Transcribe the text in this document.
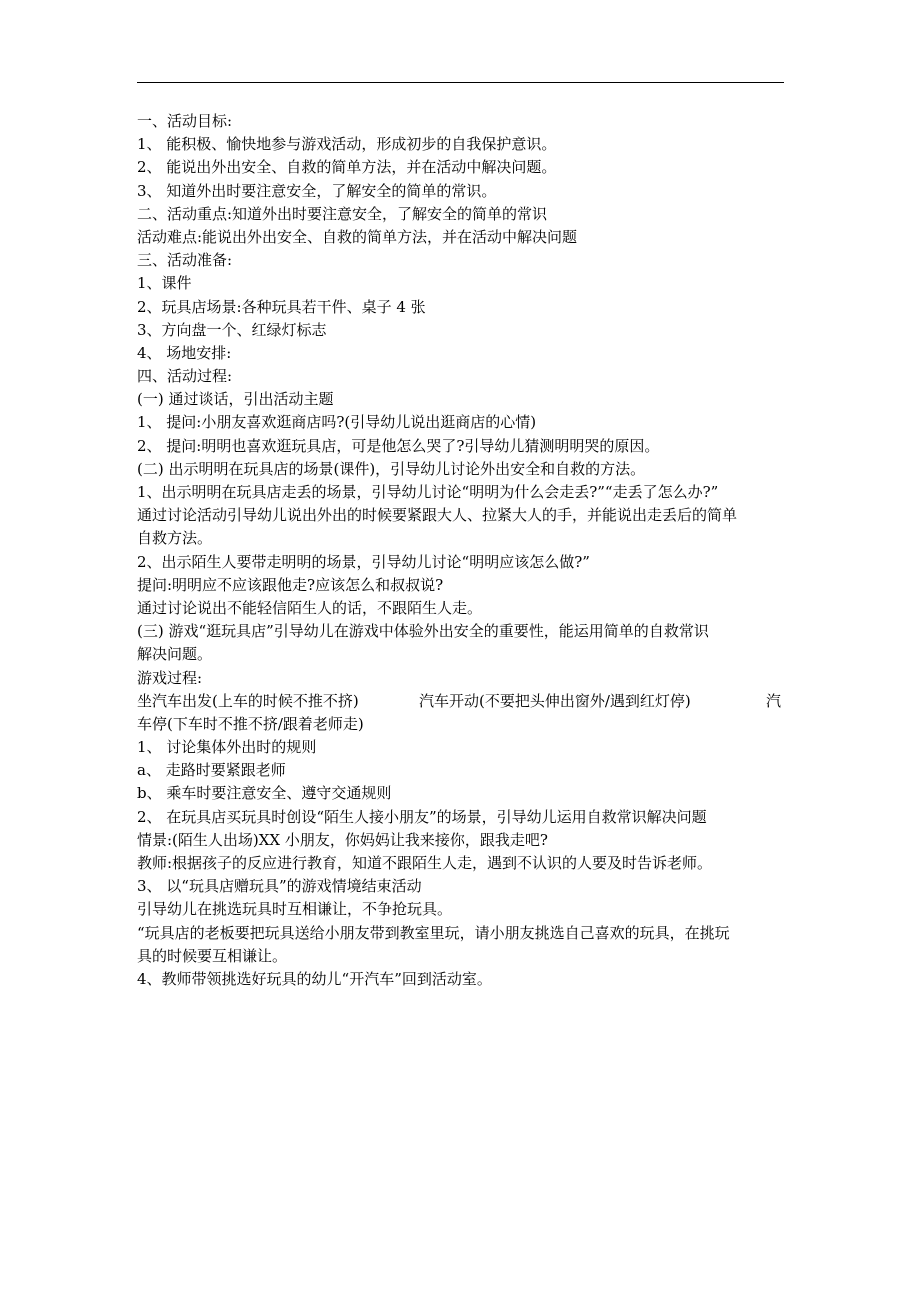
一、活动目标:
1、 能积极、愉快地参与游戏活动，形成初步的自我保护意识。
2、 能说出外出安全、自救的简单方法，并在活动中解决问题。
3、 知道外出时要注意安全，了解安全的简单的常识。
二、活动重点:知道外出时要注意安全，了解安全的简单的常识
活动难点:能说出外出安全、自救的简单方法，并在活动中解决问题
三、活动准备:
1、课件
2、玩具店场景:各种玩具若干件、桌子 4 张
3、方向盘一个、红绿灯标志
4、 场地安排:
四、活动过程:
(一) 通过谈话，引出活动主题
1、 提问:小朋友喜欢逛商店吗?(引导幼儿说出逛商店的心情)
2、 提问:明明也喜欢逛玩具店，可是他怎么哭了?引导幼儿猜测明明哭的原因。
(二) 出示明明在玩具店的场景(课件)，引导幼儿讨论外出安全和自救的方法。
1、出示明明在玩具店走丢的场景，引导幼儿讨论“明明为什么会走丢?”“走丢了怎么办?”
通过讨论活动引导幼儿说出外出的时候要紧跟大人、拉紧大人的手，并能说出走丢后的简单
自救方法。
2、出示陌生人要带走明明的场景，引导幼儿讨论“明明应该怎么做?”
提问:明明应不应该跟他走?应该怎么和叔叔说?
通过讨论说出不能轻信陌生人的话，不跟陌生人走。
(三) 游戏“逛玩具店”引导幼儿在游戏中体验外出安全的重要性，能运用简单的自救常识
解决问题。
游戏过程:
坐汽车出发(上车的时候不推不挤)	汽车开动(不要把头伸出窗外/遇到红灯停)	汽
车停(下车时不推不挤/跟着老师走)
1、 讨论集体外出时的规则
a、 走路时要紧跟老师
b、 乘车时要注意安全、遵守交通规则
2、 在玩具店买玩具时创设“陌生人接小朋友”的场景，引导幼儿运用自救常识解决问题
情景:(陌生人出场)XX 小朋友，你妈妈让我来接你，跟我走吧?
教师:根据孩子的反应进行教育，知道不跟陌生人走，遇到不认识的人要及时告诉老师。
3、 以“玩具店赠玩具”的游戏情境结束活动
引导幼儿在挑选玩具时互相谦让，不争抢玩具。
“玩具店的老板要把玩具送给小朋友带到教室里玩，请小朋友挑选自己喜欢的玩具，在挑玩
具的时候要互相谦让。
4、教师带领挑选好玩具的幼儿“开汽车”回到活动室。
